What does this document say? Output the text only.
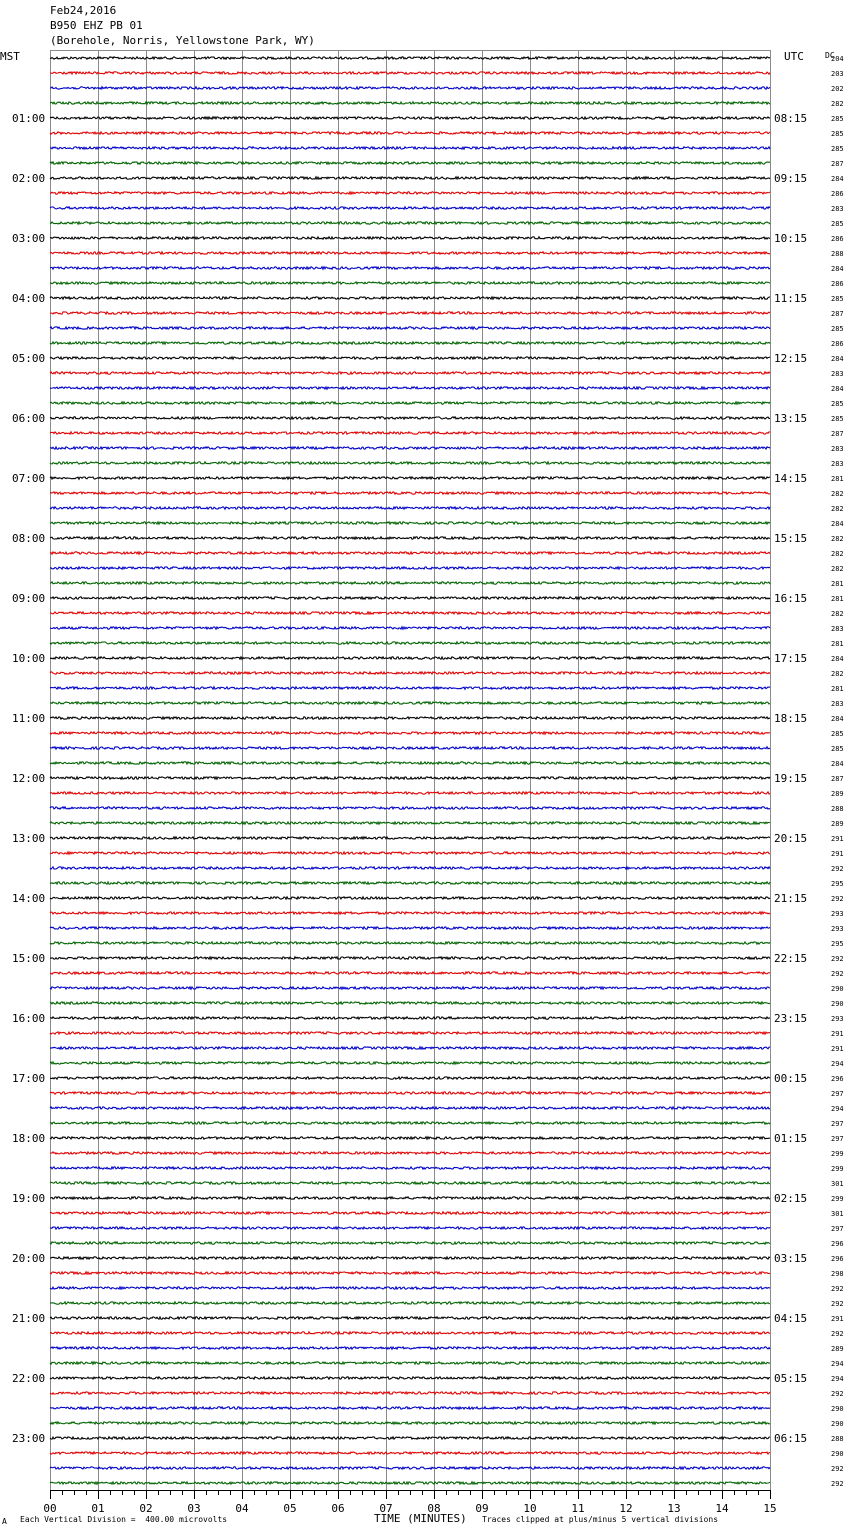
Feb24,2016
B950 EHZ PB 01
(Borehole, Norris, Yellowstone Park, WY)
MST	UTC	DC
01:00
02:00
03:00
04:00
05:00
06:00
07:00
08:00
09:00
10:00
11:00
12:00
13:00
14:00
15:00
16:00
17:00
18:00
19:00
20:00
21:00
22:00
23:00
08:15
09:15
10:15
11:15
12:15
13:15
14:15
15:15
16:15
17:15
18:15
19:15
20:15
21:15
22:15
23:15
00:15
01:15
02:15
03:15
04:15
05:15
06:15
204
203
202
282
285
285
285
287
284
286
283
285
286
288
284
286
285
287
285
286
284
283
284
285
285
287
283
283
281
282
282
284
282
282
282
281
281
282
283
281
284
282
281
283
284
285
285
284
287
289
288
289
291
291
292
295
292
293
293
295
292
292
290
290
293
291
291
294
296
297
294
297
297
299
299
301
299
301
297
296
296
298
292
292
291
292
289
294
294
292
290
290
288
290
292
292
00	01	02	03	04	05	06	07	08	09	10	11	12	13	14	15
A Each Vertical Division =  400.00 microvolts	TIME (MINUTES) Traces clipped at plus/minus 5 vertical divisions
